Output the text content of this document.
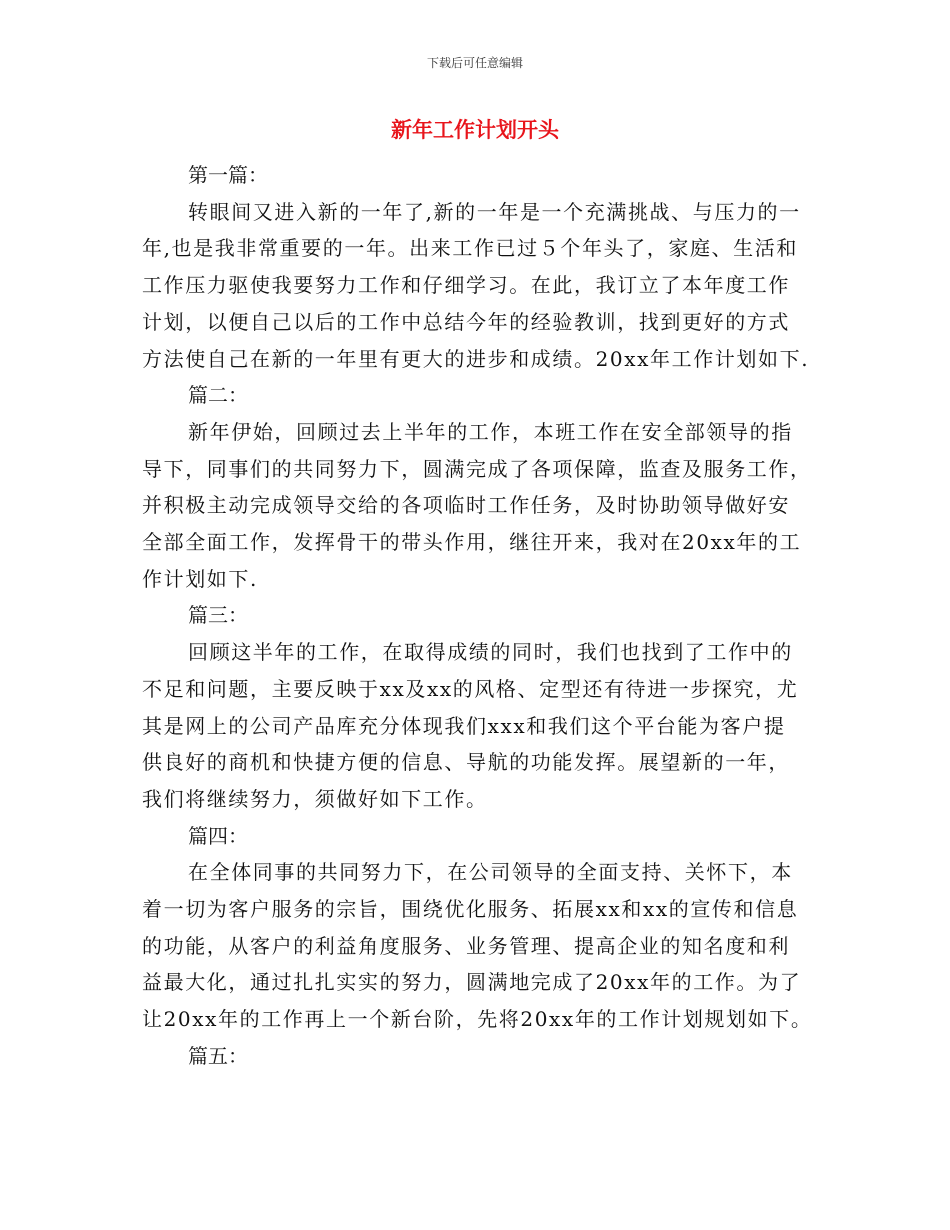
下载后可任意编辑
新年工作计划开头

第一篇：

转眼间又进入新的一年了,新的一年是一个充满挑战、与压力的一
年,也是我非常重要的一年。出来工作已过５个年头了，家庭、生活和
工作压力驱使我要努力工作和仔细学习。在此，我订立了本年度工作
计划，以便自己以后的工作中总结今年的经验教训，找到更好的方式
方法使自己在新的一年里有更大的进步和成绩。20xx年工作计划如下.

篇二：

新年伊始，回顾过去上半年的工作，本班工作在安全部领导的指
导下，同事们的共同努力下，圆满完成了各项保障，监查及服务工作，
并积极主动完成领导交给的各项临时工作任务，及时协助领导做好安
全部全面工作，发挥骨干的带头作用，继往开来，我对在20xx年的工
作计划如下.

篇三：

回顾这半年的工作，在取得成绩的同时，我们也找到了工作中的
不足和问题，主要反映于xx及xx的风格、定型还有待进一步探究，尤
其是网上的公司产品库充分体现我们xxx和我们这个平台能为客户提
供良好的商机和快捷方便的信息、导航的功能发挥。展望新的一年，
我们将继续努力，须做好如下工作。

篇四：

在全体同事的共同努力下，在公司领导的全面支持、关怀下，本
着一切为客户服务的宗旨，围绕优化服务、拓展xx和xx的宣传和信息
的功能，从客户的利益角度服务、业务管理、提高企业的知名度和利
益最大化，通过扎扎实实的努力，圆满地完成了20xx年的工作。为了
让20xx年的工作再上一个新台阶，先将20xx年的工作计划规划如下。

篇五：
